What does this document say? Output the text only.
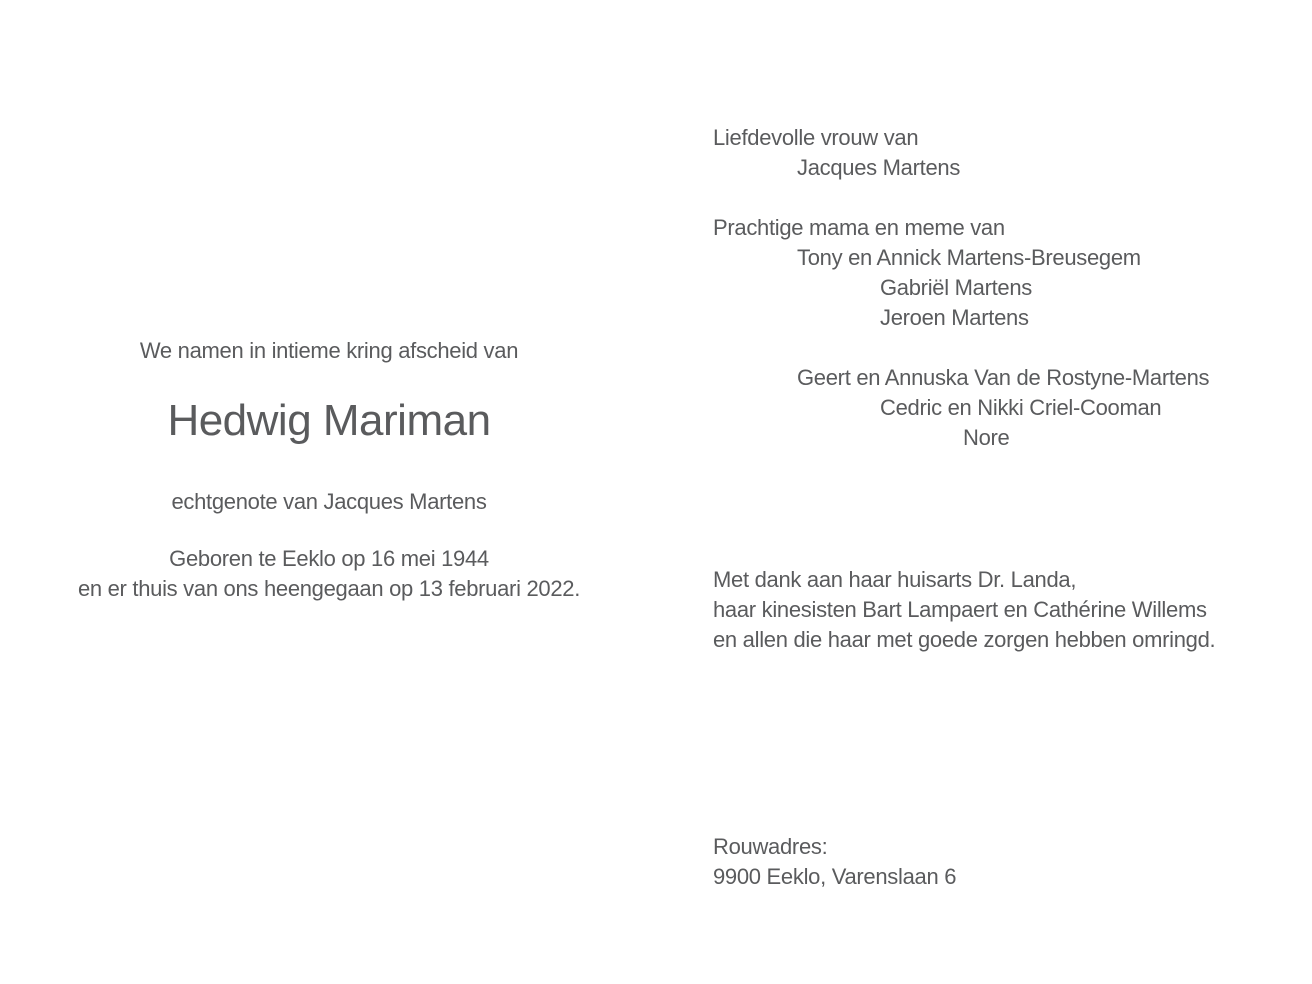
We namen in intieme kring afscheid van
Hedwig Mariman
echtgenote van Jacques Martens
Geboren te Eeklo op 16 mei 1944
en er thuis van ons heengegaan op 13 februari 2022.
Liefdevolle vrouw van
Jacques Martens
Prachtige mama en meme van
Tony en Annick Martens-Breusegem
Gabriël Martens
Jeroen Martens
Geert en Annuska Van de Rostyne-Martens
Cedric en Nikki Criel-Cooman
Nore
Met dank aan haar huisarts Dr. Landa,
haar kinesisten Bart Lampaert en Cathérine Willems
en allen die haar met goede zorgen hebben omringd.
Rouwadres:
9900 Eeklo, Varenslaan 6
